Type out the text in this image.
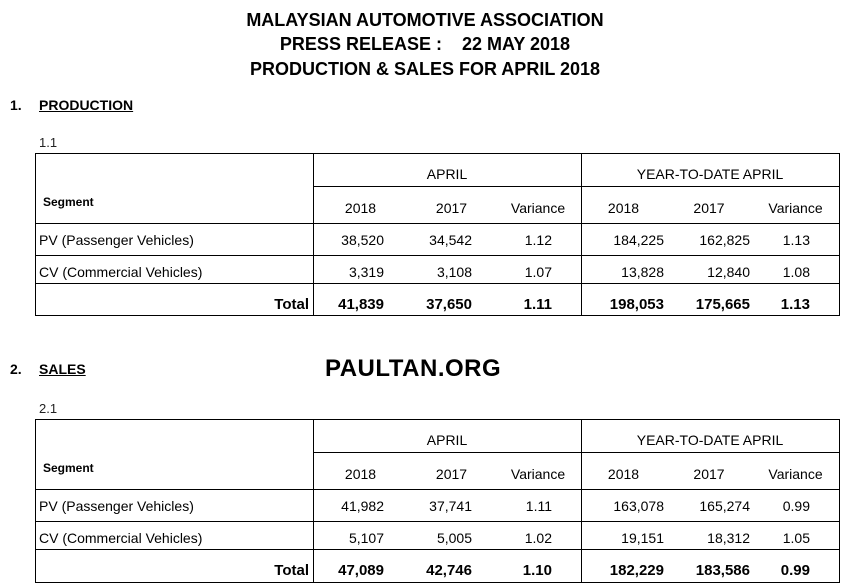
MALAYSIAN AUTOMOTIVE ASSOCIATION
PRESS RELEASE :    22 MAY 2018
PRODUCTION & SALES FOR APRIL 2018
1. PRODUCTION
1.1
APRIL	YEAR-TO-DATE APRIL
Segment	2018	2017	Variance	2018	2017	Variance
PV (Passenger Vehicles)	38,520	34,542	1.12	184,225	162,825 1.13
CV (Commercial Vehicles)	3,319	3,108	1.07	13,828	12,840 1.08
Total 41,839	37,650	1.11	198,053 175,665 1.13
2. SALES	PAULTAN.ORG
2.1
APRIL	YEAR-TO-DATE APRIL
Segment	2018	2017	Variance	2018	2017	Variance
PV (Passenger Vehicles)	41,982	37,741	1.11	163,078	165,274 0.99
CV (Commercial Vehicles)	5,107	5,005	1.02	19,151	18,312 1.05
Total 47,089	42,746	1.10	182,229 183,586 0.99
